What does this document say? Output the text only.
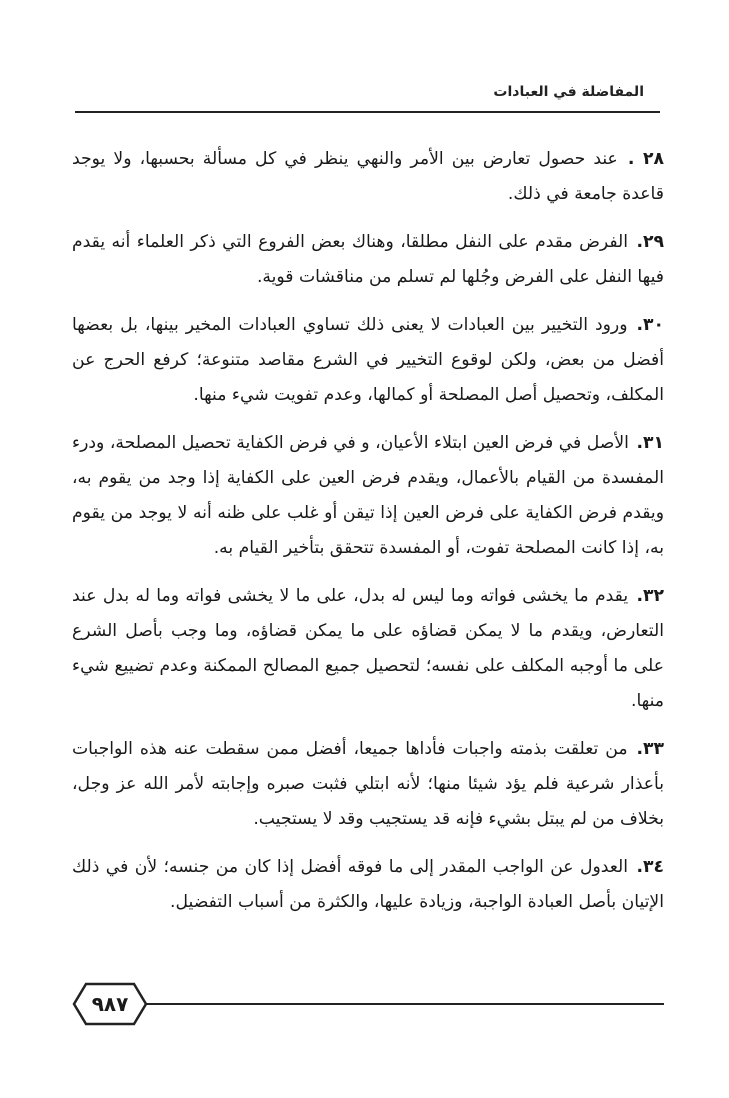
المفاضلة في العبادات

٢٨ . عند حصول تعارض بين الأمر والنهي ينظر في كل مسألة بحسبها، ولا يوجد قاعدة جامعة في ذلك.

٢٩. الفرض مقدم على النفل مطلقا، وهناك بعض الفروع التي ذكر العلماء أنه يقدم فيها النفل على الفرض وجُلها لم تسلم من مناقشات قوية.

٣٠. ورود التخيير بين العبادات لا يعنى ذلك تساوي العبادات المخير بينها، بل بعضها أفضل من بعض، ولكن لوقوع التخيير في الشرع مقاصد متنوعة؛ كرفع الحرج عن المكلف، وتحصيل أصل المصلحة أو كمالها، وعدم تفويت شيء منها.

٣١. الأصل في فرض العين ابتلاء الأعيان، و في فرض الكفاية تحصيل المصلحة، ودرء المفسدة من القيام بالأعمال، ويقدم فرض العين على الكفاية إذا وجد من يقوم به، ويقدم فرض الكفاية على فرض العين إذا تيقن أو غلب على ظنه أنه لا يوجد من يقوم به، إذا كانت المصلحة تفوت، أو المفسدة تتحقق بتأخير القيام به.

٣٢. يقدم ما يخشى فواته وما ليس له بدل، على ما لا يخشى فواته وما له بدل عند التعارض، ويقدم ما لا يمكن قضاؤه على ما يمكن قضاؤه، وما وجب بأصل الشرع على ما أوجبه المكلف على نفسه؛ لتحصيل جميع المصالح الممكنة وعدم تضييع شيء منها.

٣٣. من تعلقت بذمته واجبات فأداها جميعا، أفضل ممن سقطت عنه هذه الواجبات بأعذار شرعية فلم يؤد شيئا منها؛ لأنه ابتلي فثبت صبره وإجابته لأمر الله عز وجل، بخلاف من لم يبتل بشيء فإنه قد يستجيب وقد لا يستجيب.

٣٤. العدول عن الواجب المقدر إلى ما فوقه أفضل إذا كان من جنسه؛ لأن في ذلك الإتيان بأصل العبادة الواجبة، وزيادة عليها، والكثرة من أسباب التفضيل.

٩٨٧
